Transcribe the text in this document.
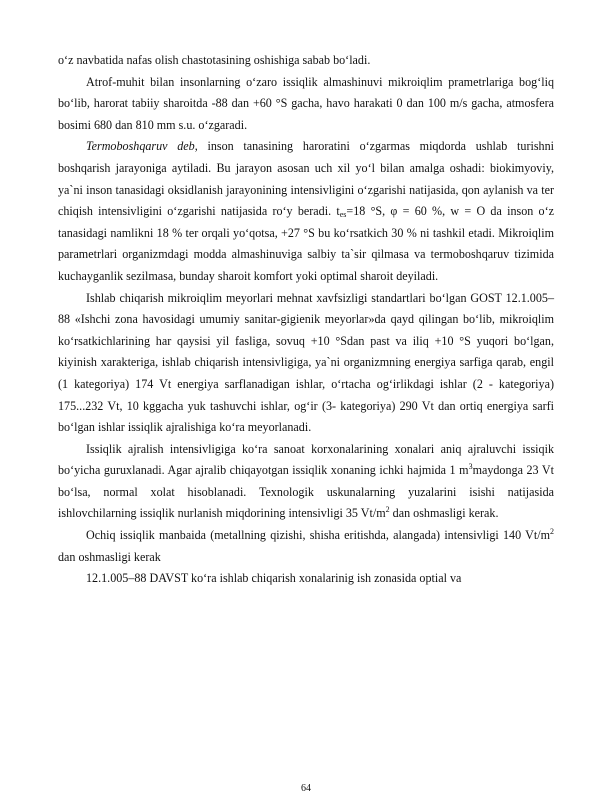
o‘z navbatida nafas olish chastotasining oshishiga sabab bo‘ladi.

Atrof-muhit bilan insonlarning o‘zaro issiqlik almashinuvi mikroiqlim prametrlariga bog‘liq bo‘lib, harorat tabiiy sharoitda -88 dan +60 °S gacha, havo harakati 0 dan 100 m/s gacha, atmosfera bosimi 680 dan 810 mm s.u. o‘zgaradi.

Termoboshqaruv deb, inson tanasining haroratini o‘zgarmas miqdorda ushlab turishni boshqarish jarayoniga aytiladi. Bu jarayon asosan uch xil yo‘l bilan amalga oshadi: biokimyoviy, ya`ni inson tanasidagi oksidlanish jarayonining intensivligini o‘zgarishi natijasida, qon aylanish va ter chiqish intensivligini o‘zgarishi natijasida ro‘y beradi. tes=18 °S, φ = 60 %, w = O da inson o‘z tanasidagi namlikni 18 % ter orqali yo‘qotsa, +27 °S bu ko‘rsatkich 30 % ni tashkil etadi. Mikroiqlim parametrlari organizmdagi modda almashinuviga salbiy ta`sir qilmasa va termoboshqaruv tizimida kuchayganlik sezilmasa, bunday sharoit komfort yoki optimal sharoit deyiladi.

Ishlab chiqarish mikroiqlim meyorlari mehnat xavfsizligi standartlari bo‘lgan GOST 12.1.005–88 «Ishchi zona havosidagi umumiy sanitar-gigienik meyorlar»da qayd qilingan bo‘lib, mikroiqlim ko‘rsatkichlarining har qaysisi yil fasliga, sovuq +10 °Sdan past va iliq +10 °S yuqori bo‘lgan, kiyinish xarakteriga, ishlab chiqarish intensivligiga, ya`ni organizmning energiya sarfiga qarab, engil (1 kategoriya) 174 Vt energiya sarflanadigan ishlar, o‘rtacha og‘irlikdagi ishlar (2 - kategoriya) 175...232 Vt, 10 kggacha yuk tashuvchi ishlar, og‘ir (3- kategoriya) 290 Vt dan ortiq energiya sarfi bo‘lgan ishlar issiqlik ajralishiga ko‘ra meyorlanadi.

Issiqlik ajralish intensivligiga ko‘ra sanoat korxonalarining xonalari aniq ajraluvchi issiqik bo‘yicha guruxlanadi. Agar ajralib chiqayotgan issiqlik xonaning ichki hajmida 1 $m^3maydonga$ 23 Vt bo‘lsa, normal xolat hisoblanadi. Texnologik uskunalarning yuzalarini isishi natijasida ishlovchilarning issiqlik nurlanish miqdorining intensivligi 35 $Vt/m^2$ dan oshmasligi kerak.

Ochiq issiqlik manbaida (metallning qizishi, shisha eritishda, alangada) intensivligi 140 $Vt/m^2$ dan oshmasligi kerak

12.1.005–88 DAVST ko‘ra ishlab chiqarish xonalarinig ish zonasida optial va

64
